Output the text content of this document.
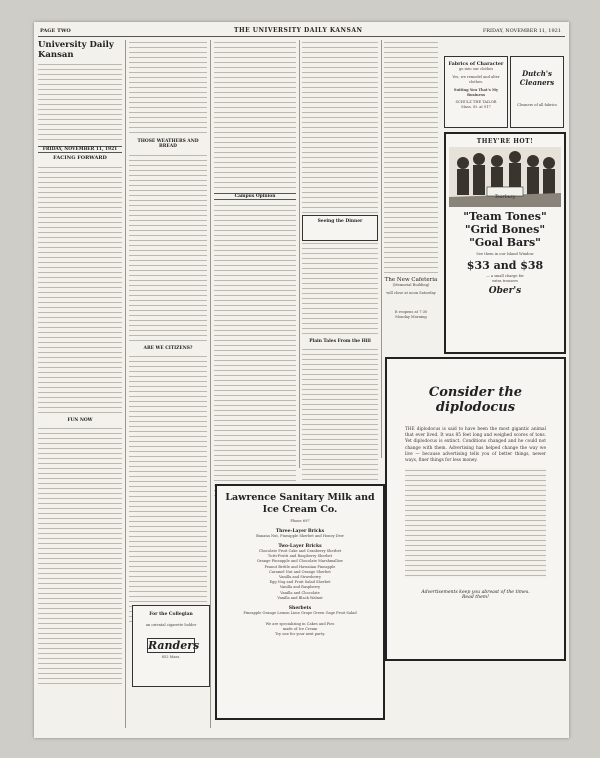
PAGE TWO	THE UNIVERSITY DAILY KANSAN	FRIDAY, NOVEMBER 11, 1921
University Daily Kansan
FRIDAY, NOVEMBER 11, 1921
FACING FORWARD
FUN NOW
THOSE WEATHERS AND BREAD
ARE WE CITIZENS?
For the Collegian
an oriental cigarette holder
Randers
852 Mass.
Campus Opinion
Seeing the Dinner
Plain Tales From the Hill
Lawrence Sanitary Milk and Ice Cream Co.
Phone 697
Three-Layer Bricks
Banana Nut, Pineapple Sherbet and Honey Dew
Two-Layer Bricks
Chocolate Fruit Cake and Cranberry Sherbet
Tutti-Frutti and Raspberry Sherbet
Orange Pineapple and Chocolate Marshmallow
Peanut Brittle and Hawaiian Pineapple
Caramel Nut and Orange Sherbet
Vanilla and Strawberry
Egg Nog and Fruit Salad Sherbet
Vanilla and Raspberry
Vanilla and Chocolate
Vanilla and Black Walnut
Sherbets
Pineapple Orange Lemon Lime Grape Green Gage Fruit Salad
We are specializing in Cakes and Pies
made of Ice Cream
Try one for your next party.
The New Cafeteria
(Memorial Building)
will close at noon Saturday
It reopens at 7:30
Monday Morning
Fabrics of Character
go into our clothes
Yes, we remodel and alter clothes.
Suiting You That's My Business
SCHULZ THE TAILOR
Mass. St. at 917
Dutch's Cleaners
Cleaners of all fabrics
THEY'RE HOT!
Tearbury
"Team Tones"
"Grid Bones"
"Goal Bars"
See them in our Island Window
$33 and $38
— a small charge for
extra trousers
Ober's
Consider the diplodocus
THE diplodocus is said to have been the most gigantic animal that ever lived. It was 85 feet long and weighed scores of tons. Yet diplodocus is extinct. Conditions changed and he could not change with them. Advertising has helped change the way we live — because advertising tells you of better things, newer ways, finer things for less money.
Advertisements keep you abreast of the times.
Read them!
